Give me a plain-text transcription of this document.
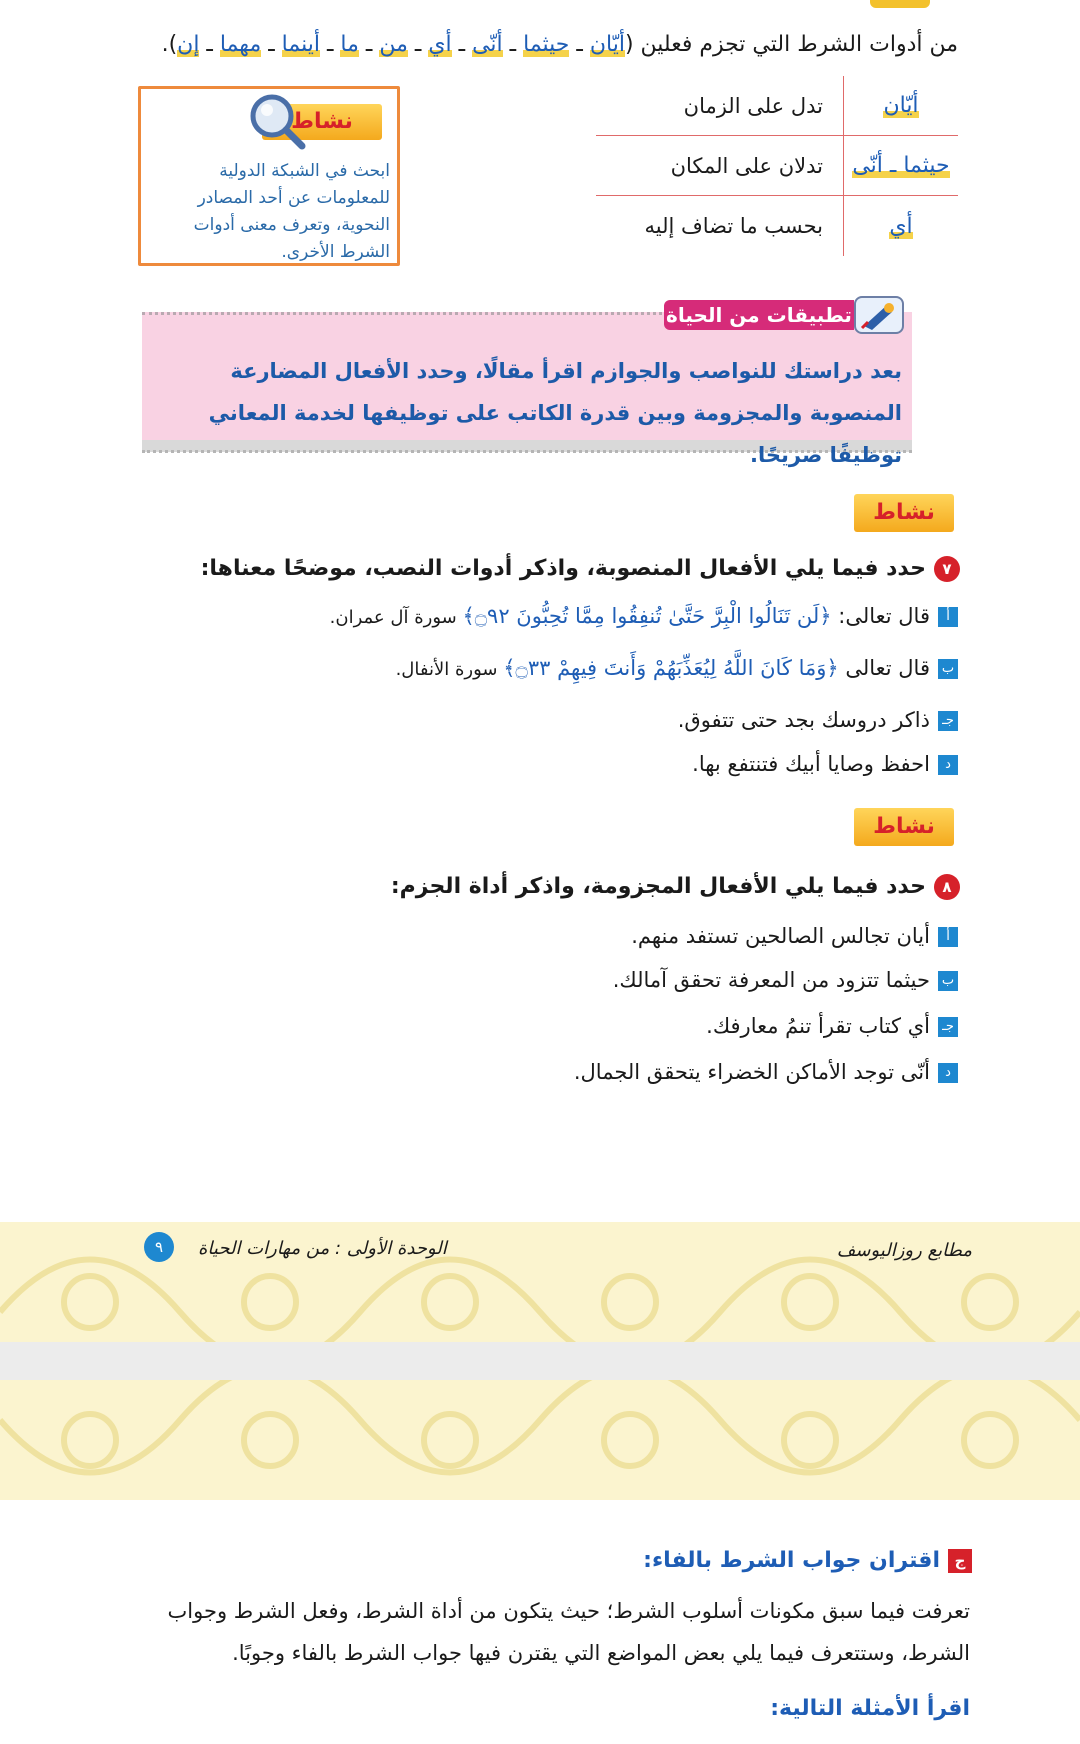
من أدوات الشرط التي تجزم فعلين (أيّان ـ حيثما ـ أنّى ـ أي ـ من ـ ما ـ أينما ـ مهما ـ إن).
أيّان
تدل على الزمان
حيثما ـ أنّى
تدلان على المكان
أي
بحسب ما تضاف إليه
نشاط
ابحث في الشبكة الدولية للمعلومات عن أحد المصادر النحوية، وتعرف معنى أدوات الشرط الأخرى.
تطبيقات من الحياة
بعد دراستك للنواصب والجوازم اقرأ مقالًا، وحدد الأفعال المضارعة المنصوبة والمجزومة وبين قدرة الكاتب على توظيفها لخدمة المعاني توظيفًا صريحًا.
نشاط
٧حدد فيما يلي الأفعال المنصوبة، واذكر أدوات النصب، موضحًا معناها:
أقال تعالى: ﴿لَن تَنَالُوا الْبِرَّ حَتَّىٰ تُنفِقُوا مِمَّا تُحِبُّونَ ۝٩٢﴾ سورة آل عمران.
بقال تعالى ﴿وَمَا كَانَ اللَّهُ لِيُعَذِّبَهُمْ وَأَنتَ فِيهِمْ ۝٣٣﴾ سورة الأنفال.
جـذاكر دروسك بجد حتى تتفوق.
داحفظ وصايا أبيك فتنتفع بها.
نشاط
٨حدد فيما يلي الأفعال المجزومة، واذكر أداة الجزم:
أأيان تجالس الصالحين تستفد منهم.
بحيثما تتزود من المعرفة تحقق آمالك.
جـأي كتاب تقرأ تنمُ معارفك.
دأنّى توجد الأماكن الخضراء يتحقق الجمال.
مطابع روزاليوسف
الوحدة الأولى : من مهارات الحياة
٩
جاقتران جواب الشرط بالفاء:
تعرفت فيما سبق مكونات أسلوب الشرط؛ حيث يتكون من أداة الشرط، وفعل الشرط وجواب الشرط، وستتعرف فيما يلي بعض المواضع التي يقترن فيها جواب الشرط بالفاء وجوبًا.
اقرأ الأمثلة التالية:
